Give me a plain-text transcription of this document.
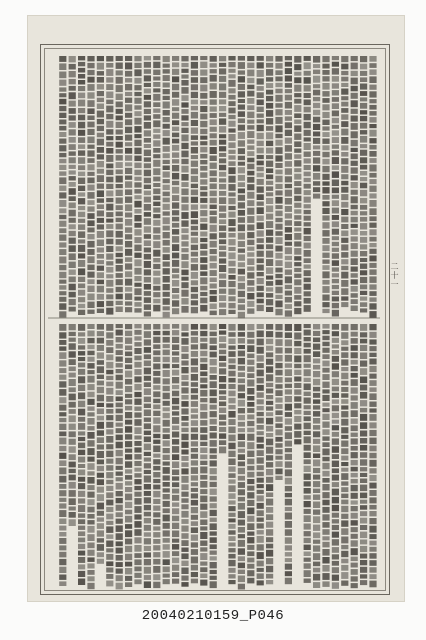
二十一
20040210159_P046
